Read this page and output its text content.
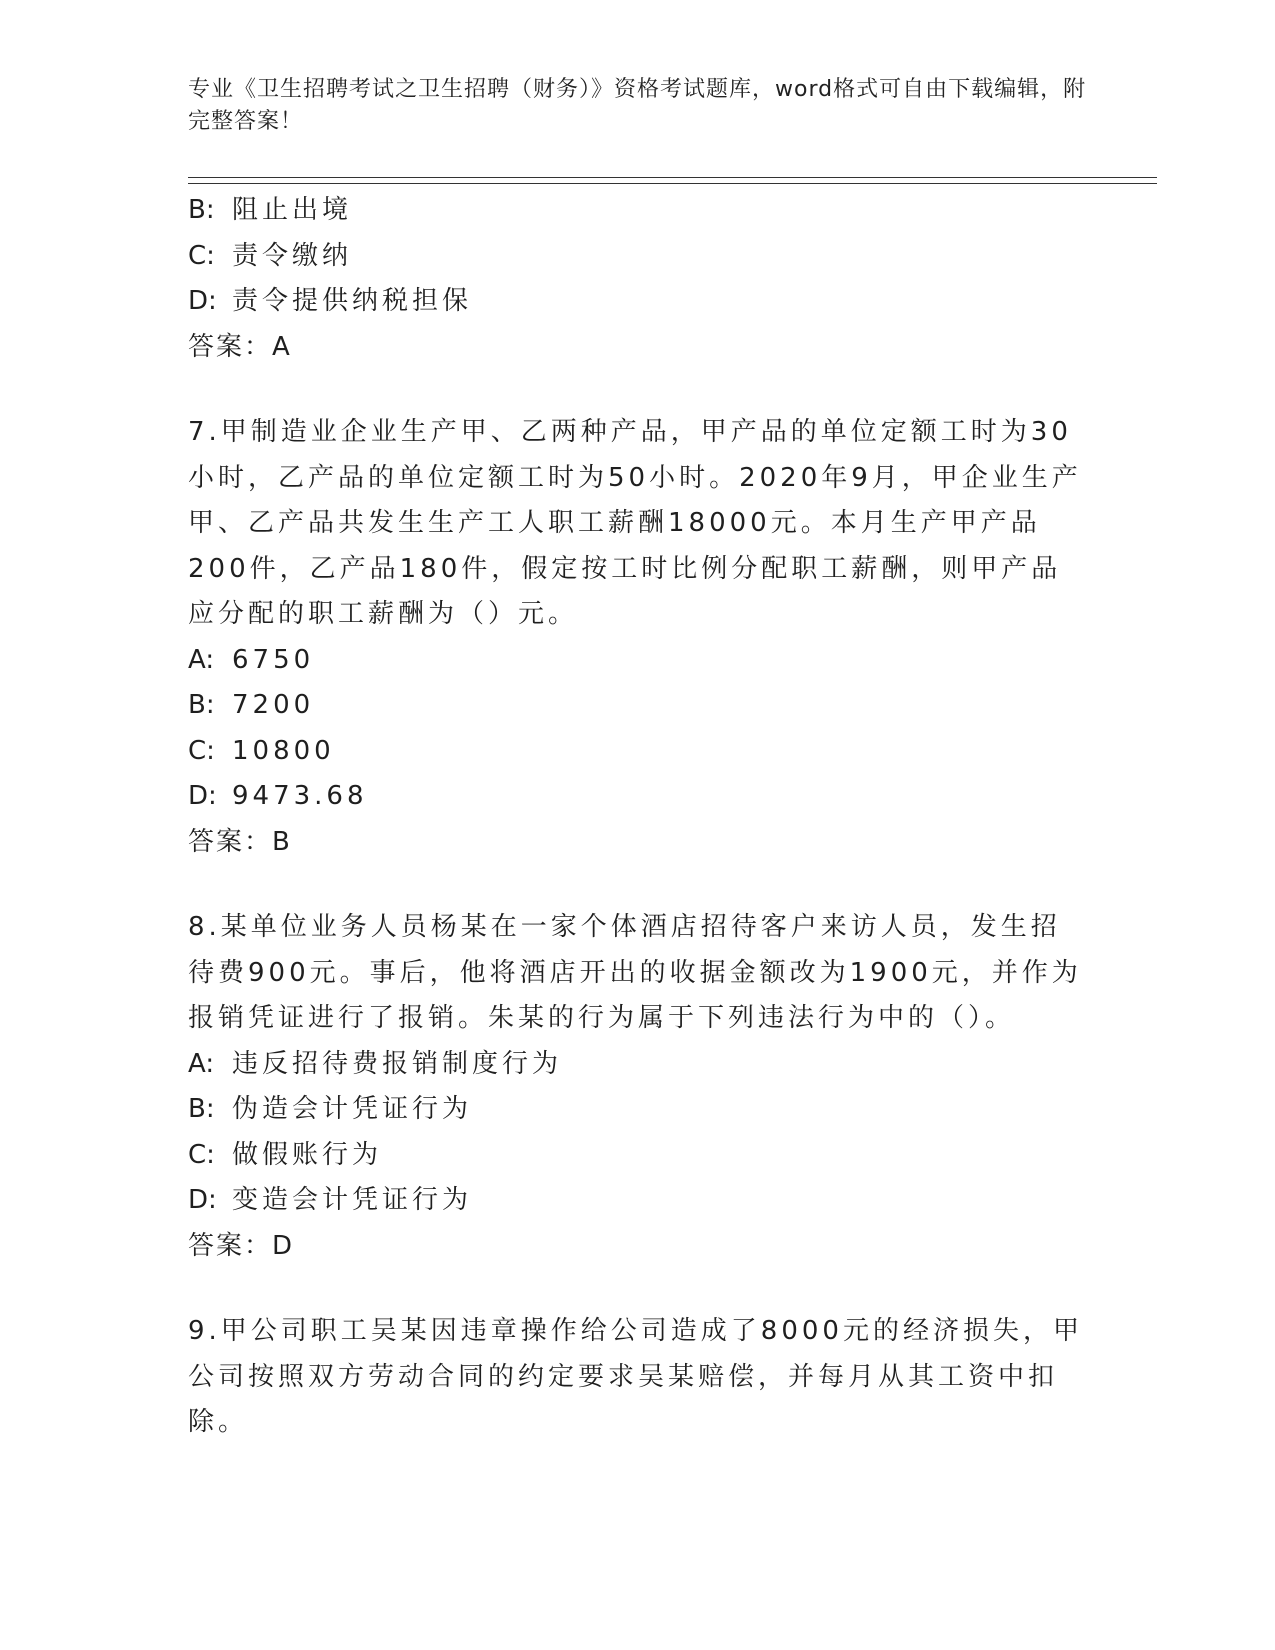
专业《卫生招聘考试之卫生招聘（财务）》资格考试题库，word格式可自由下载编辑，附完整答案！
B: 阻止出境
C: 责令缴纳
D: 责令提供纳税担保
答案：A
7.甲制造业企业生产甲、乙两种产品，甲产品的单位定额工时为30小时，乙产品的单位定额工时为50小时。2020年9月，甲企业生产甲、乙产品共发生生产工人职工薪酬18000元。本月生产甲产品200件，乙产品180件，假定按工时比例分配职工薪酬，则甲产品应分配的职工薪酬为（）元。
A: 6750
B: 7200
C: 10800
D: 9473.68
答案：B
8.某单位业务人员杨某在一家个体酒店招待客户来访人员，发生招待费900元。事后，他将酒店开出的收据金额改为1900元，并作为报销凭证进行了报销。朱某的行为属于下列违法行为中的（）。
A: 违反招待费报销制度行为
B: 伪造会计凭证行为
C: 做假账行为
D: 变造会计凭证行为
答案：D
9.甲公司职工吴某因违章操作给公司造成了8000元的经济损失，甲公司按照双方劳动合同的约定要求吴某赔偿，并每月从其工资中扣除。
